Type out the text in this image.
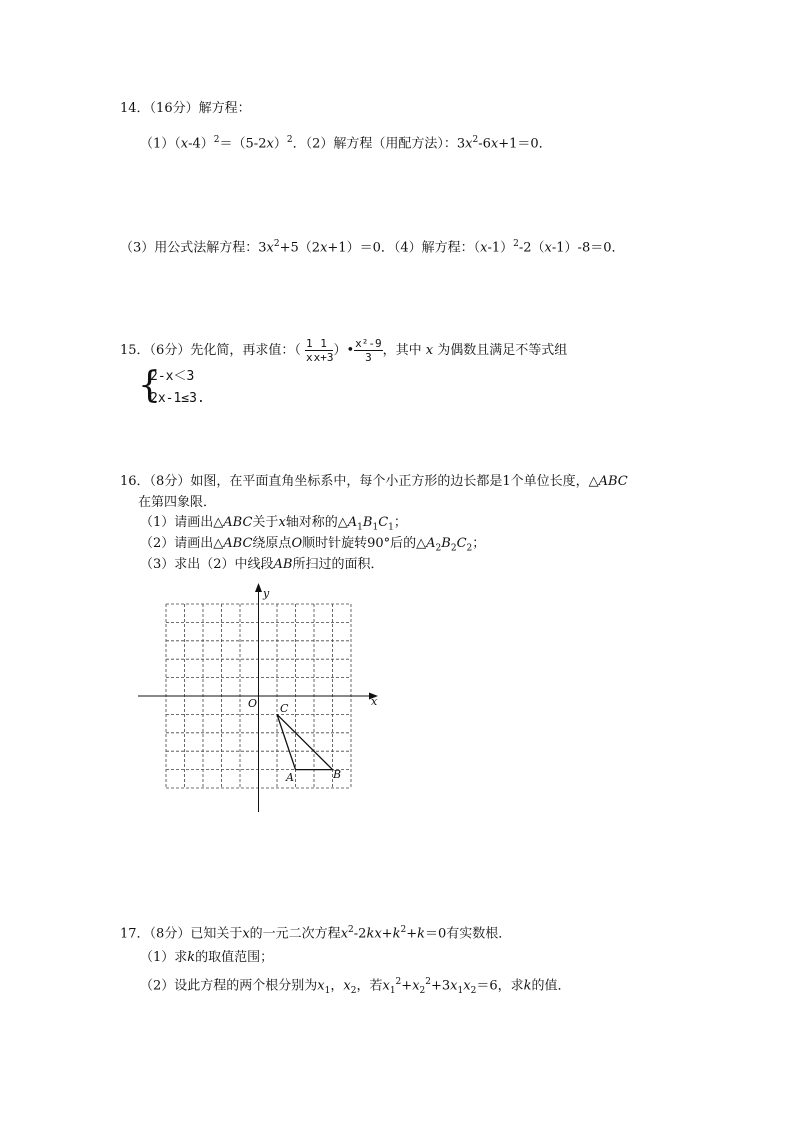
14．（16分）解方程：
$(1)(x-4)^2=(5-2x)^2$．（2）解方程（用配方法）：$3x^2-6x+1=0$．
（3）用公式法解方程：$3x^2+5(2x+1)=0$．（4）解方程：$(x-1)^2-2(x-1)-8=0$．
15．（6分）先化简，再求值：（ $\frac{1}{x} \frac{1}{x+3}$ ）• $\frac{\text{x²-9}}{3}$ ，其中 x 为偶数且满足不等式组
{
2-x＜3
2x-1≤3.
16．（8分）如图，在平面直角坐标系中，每个小正方形的边长都是1个单位长度，△ABC
在第四象限．
（1）请画出△ABC关于x轴对称的$\triangle A_1B_1C_1$；
（2）请画出△ABC绕原点O顺时针旋转90°后的$\triangle A_2B_2C_2$；
（3）求出（2）中线段AB所扫过的面积．
y
x
O C
A	B
17．（8分）已知关于x的一元二次方程$x^2-2kx+k^2+k=0$有实数根．
（1）求k的取值范围；
（2）设此方程的两个根分别为$x_1$，$x_2$，若$x_1^2+x_2^2+3x_1x_2=6$，求k的值．
